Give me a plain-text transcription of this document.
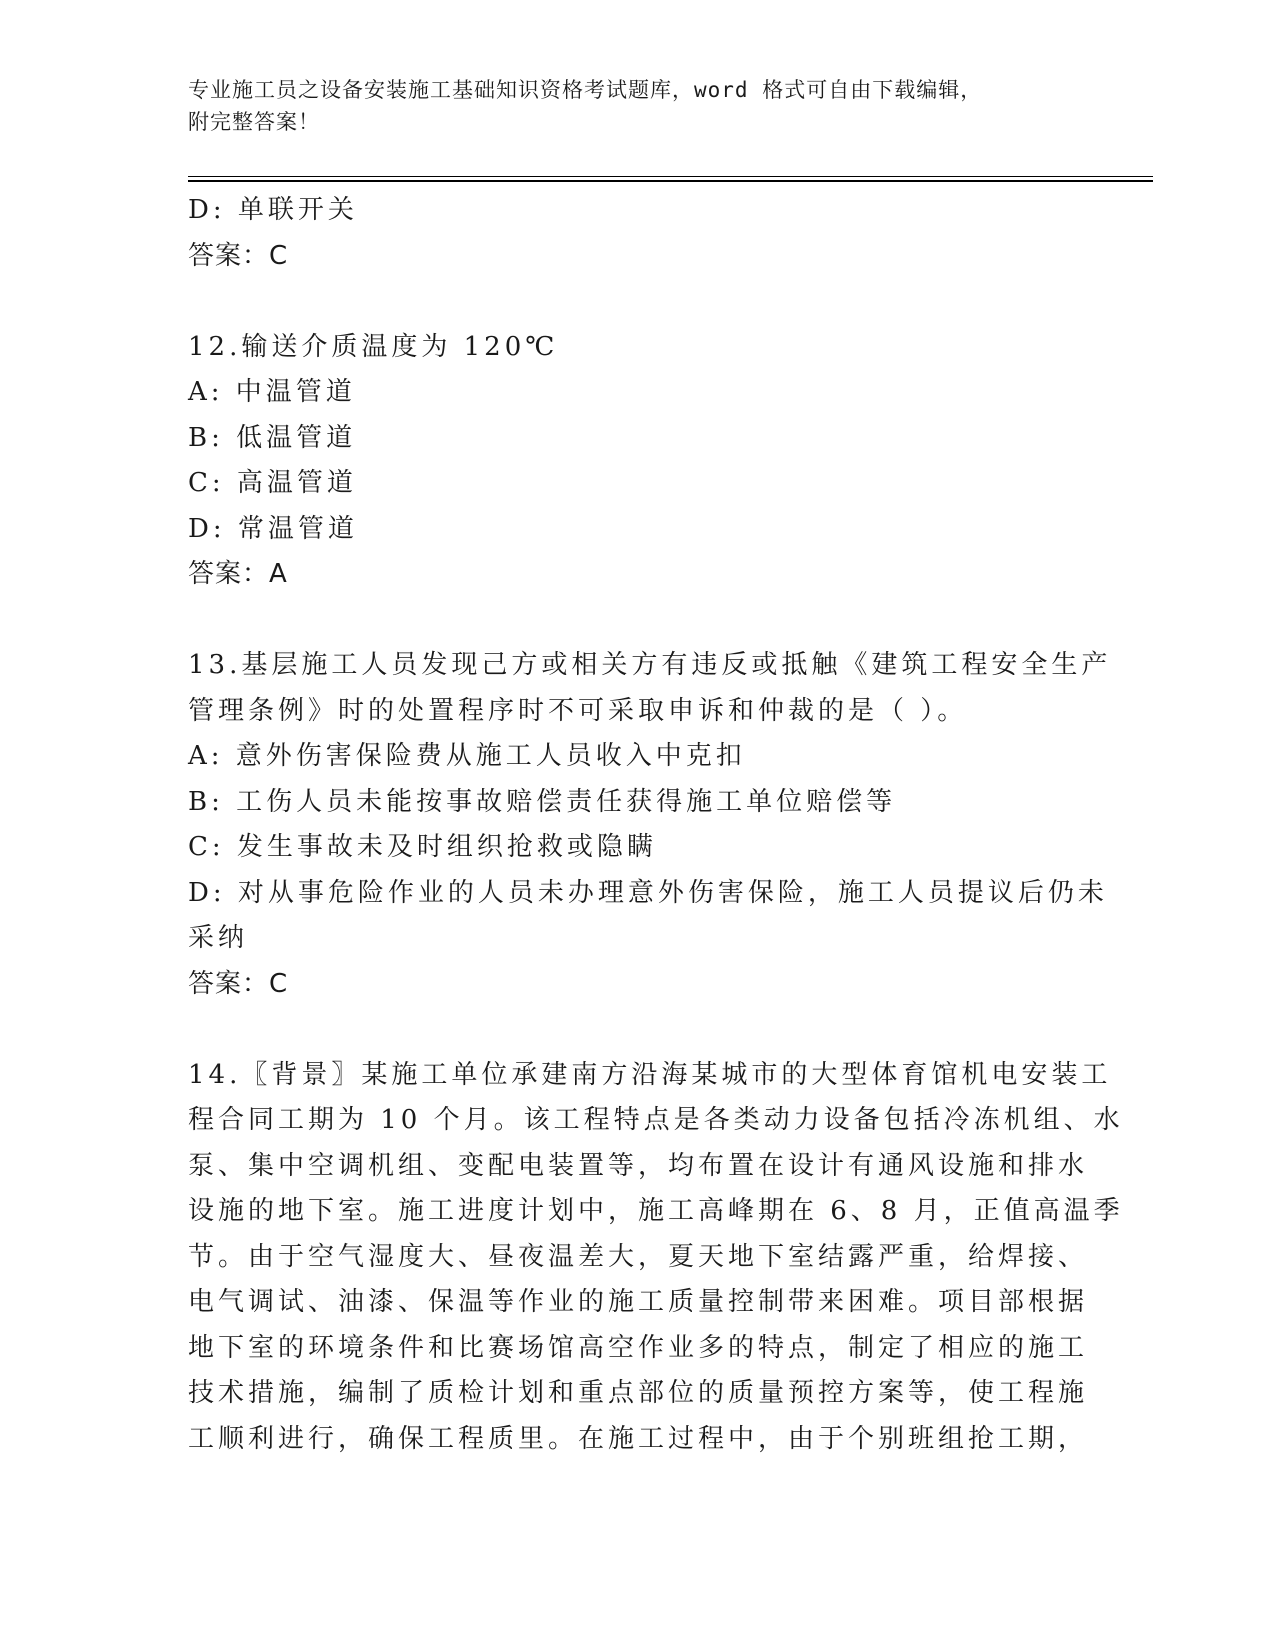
专业施工员之设备安装施工基础知识资格考试题库，word 格式可自由下载编辑，
附完整答案！
D: 单联开关
答案：C
12.输送介质温度为 120℃
A: 中温管道
B: 低温管道
C: 高温管道
D: 常温管道
答案：A
13.基层施工人员发现己方或相关方有违反或抵触《建筑工程安全生产
管理条例》时的处置程序时不可采取申诉和仲裁的是（ ）。
A: 意外伤害保险费从施工人员收入中克扣
B: 工伤人员未能按事故赔偿责任获得施工单位赔偿等
C: 发生事故未及时组织抢救或隐瞒
D: 对从事危险作业的人员未办理意外伤害保险，施工人员提议后仍未
采纳
答案：C
14.〖背景〗某施工单位承建南方沿海某城市的大型体育馆机电安装工
程合同工期为 10 个月。该工程特点是各类动力设备包括冷冻机组、水
泵、集中空调机组、变配电装置等，均布置在设计有通风设施和排水
设施的地下室。施工进度计划中，施工高峰期在 6、8 月，正值高温季
节。由于空气湿度大、昼夜温差大，夏天地下室结露严重，给焊接、
电气调试、油漆、保温等作业的施工质量控制带来困难。项目部根据
地下室的环境条件和比赛场馆高空作业多的特点，制定了相应的施工
技术措施，编制了质检计划和重点部位的质量预控方案等，使工程施
工顺利进行，确保工程质里。在施工过程中，由于个别班组抢工期，
